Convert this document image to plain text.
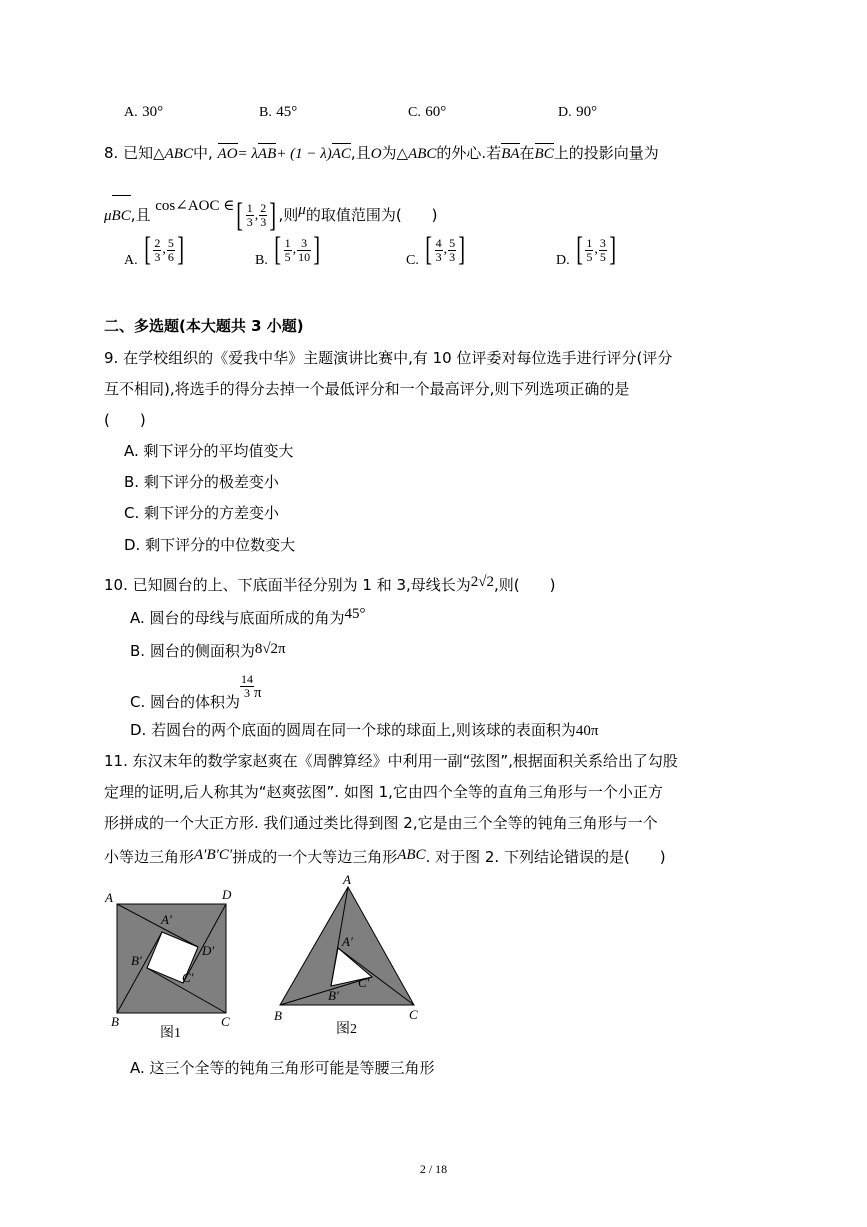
A. 30°	B. 45°	C. 60°	D. 90°
8. 已知△ABC中, AO= λAB+ (1 − λ)AC,且O为△ABC的外心.若BA在BC上的投影向量为
μBC,且 cos∠AOC ∈[ $\frac{1}{3}$ , $\frac{2}{3}$ ] ,则μ的取值范围为(　　)
A. [ $\frac{2}{3}$ , $\frac{5}{6}$ ]	B. [ $\frac{1}{5}$ , $\frac{3}{10}$ ]	C. [ $\frac{4}{3}$ , $\frac{5}{3}$ ]	D. [ $\frac{1}{5}$ , $\frac{3}{5}$ ]
二、多选题(本大题共 3 小题)
9. 在学校组织的《爱我中华》主题演讲比赛中,有 10 位评委对每位选手进行评分(评分
互不相同),将选手的得分去掉一个最低评分和一个最高评分,则下列选项正确的是
(　　)
A. 剩下评分的平均值变大
B. 剩下评分的极差变小
C. 剩下评分的方差变小
D. 剩下评分的中位数变大
10. 已知圆台的上、下底面半径分别为 1 和 3,母线长为2√2,则(　　)
A. 圆台的母线与底面所成的角为45°
B. 圆台的侧面积为8√2π
C. 圆台的体积为
$\frac{14}{3}$ π
D. 若圆台的两个底面的圆周在同一个球的球面上,则该球的表面积为40π
11. 东汉末年的数学家赵爽在《周髀算经》中利用一副“弦图”,根据面积关系给出了勾股
定理的证明,后人称其为“赵爽弦图”. 如图 1,它由四个全等的直角三角形与一个小正方
形拼成的一个大正方形. 我们通过类比得到图 2,它是由三个全等的钝角三角形与一个
小等边三角形A′B′C′拼成的一个大等边三角形ABC. 对于图 2. 下列结论错误的是(　　)
A	D
B	C
A′
B′
C′
D′
图1
A
B	C
A′
B′
C′
图2
A. 这三个全等的钝角三角形可能是等腰三角形
2 / 18
